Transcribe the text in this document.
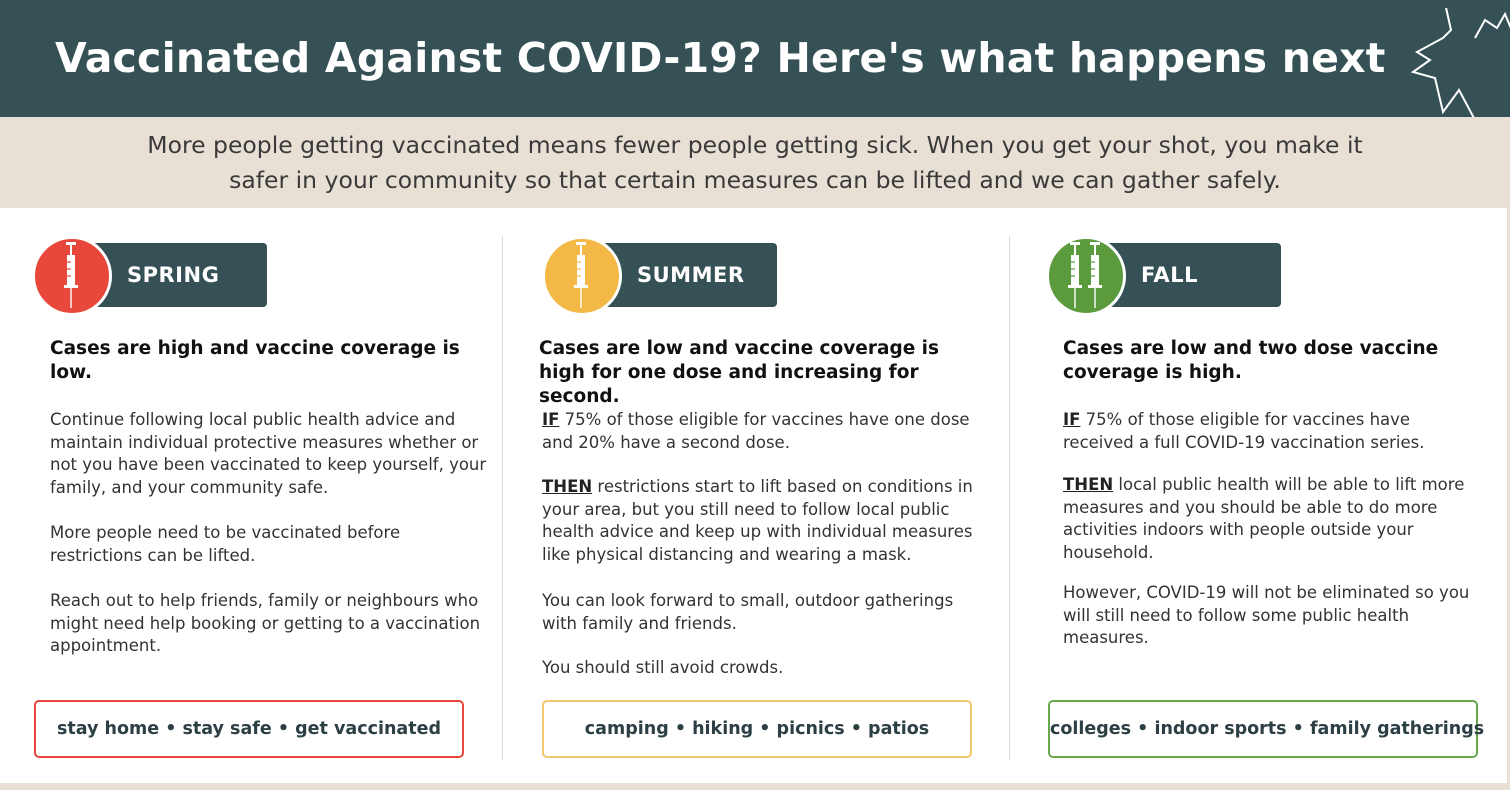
Vaccinated Against COVID-19? Here's what happens next

More people getting vaccinated means fewer people getting sick. When you get your shot, you make it
safer in your community so that certain measures can be lifted and we can gather safely.

SPRING
Cases are high and vaccine coverage is low.
Continue following local public health advice and maintain individual protective measures whether or not you have been vaccinated to keep yourself, your family, and your community safe.
More people need to be vaccinated before restrictions can be lifted.
Reach out to help friends, family or neighbours who might need help booking or getting to a vaccination appointment.
stay home • stay safe • get vaccinated
SUMMER
Cases are low and vaccine coverage is high for one dose and increasing for second.
IF 75% of those eligible for vaccines have one dose and 20% have a second dose.
THEN restrictions start to lift based on conditions in your area, but you still need to follow local public health advice and keep up with individual measures like physical distancing and wearing a mask.
You can look forward to small, outdoor gatherings with family and friends.
You should still avoid crowds.
camping • hiking • picnics • patios
FALL
Cases are low and two dose vaccine coverage is high.
IF 75% of those eligible for vaccines have received a full COVID-19 vaccination series.
THEN local public health will be able to lift more measures and you should be able to do more activities indoors with people outside your household.
However, COVID-19 will not be eliminated so you will still need to follow some public health measures.
colleges • indoor sports • family gatherings
